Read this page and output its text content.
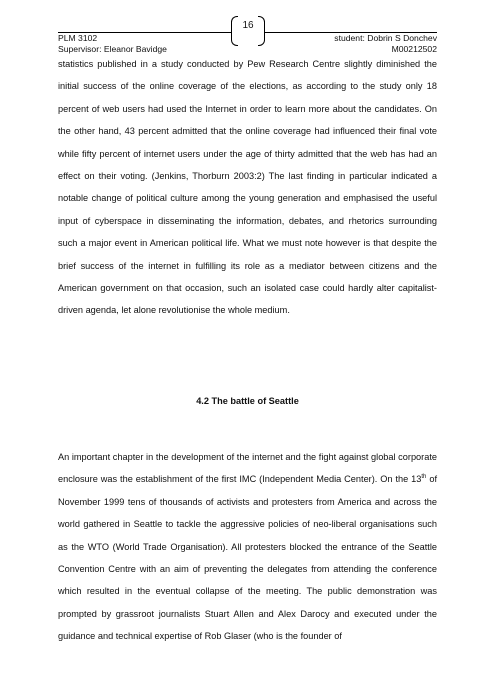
16
PLM 3102
Supervisor: Eleanor Bavidge
student: Dobrin S Donchev
M00212502

statistics published in a study conducted by Pew Research Centre slightly diminished the initial success of the online coverage of the elections, as according to the study only 18 percent of web users had used the Internet in order to learn more about the candidates. On the other hand, 43 percent admitted that the online coverage had influenced their final vote while fifty percent of internet users under the age of thirty admitted that the web has had an effect on their voting. (Jenkins, Thorburn 2003:2) The last finding in particular indicated a notable change of political culture among the young generation and emphasised the useful input of cyberspace in disseminating the information, debates, and rhetorics surrounding such a major event in American political life. What we must note however is that despite the brief success of the internet in fulfilling its role as a mediator between citizens and the American government on that occasion, such an isolated case could hardly alter capitalist-driven agenda, let alone revolutionise the whole medium.

4.2 The battle of Seattle

An important chapter in the development of the internet and the fight against global corporate enclosure was the establishment of the first IMC (Independent Media Center). On the 13th of November 1999 tens of thousands of activists and protesters from America and across the world gathered in Seattle to tackle the aggressive policies of neo-liberal organisations such as the WTO (World Trade Organisation). All protesters blocked the entrance of the Seattle Convention Centre with an aim of preventing the delegates from attending the conference which resulted in the eventual collapse of the meeting. The public demonstration was prompted by grassroot journalists Stuart Allen and Alex Darocy and executed under the guidance and technical expertise of Rob Glaser (who is the founder of
